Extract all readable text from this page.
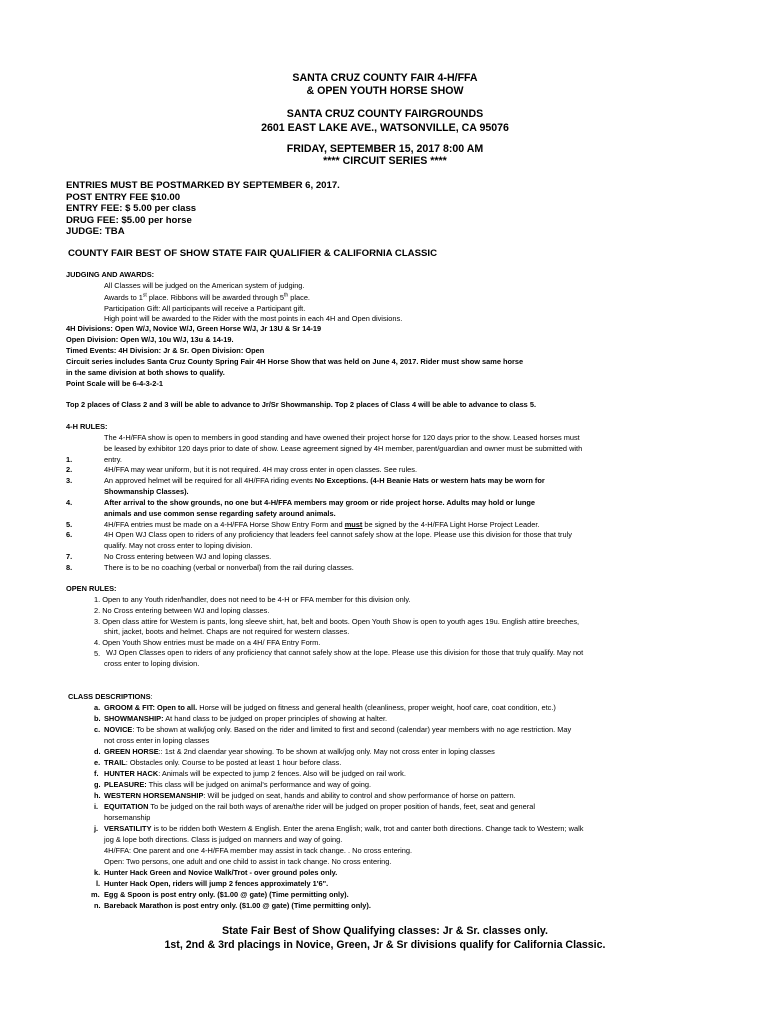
SANTA CRUZ COUNTY FAIR 4-H/FFA
& OPEN YOUTH HORSE SHOW
SANTA CRUZ COUNTY FAIRGROUNDS
2601 EAST LAKE AVE., WATSONVILLE, CA 95076
FRIDAY, SEPTEMBER 15, 2017 8:00 AM
**** CIRCUIT SERIES ****
ENTRIES MUST BE POSTMARKED BY SEPTEMBER 6, 2017.
POST ENTRY FEE $10.00
ENTRY FEE: $ 5.00 per class
DRUG FEE: $5.00 per horse
JUDGE: TBA
COUNTY FAIR BEST OF SHOW STATE FAIR QUALIFIER & CALIFORNIA CLASSIC
JUDGING AND AWARDS:
All Classes will be judged on the American system of judging.
Awards to 1st place. Ribbons will be awarded through 5th place.
Participation Gift: All participants will receive a Participant gift.
High point will be awarded to the Rider with the most points in each 4H and Open divisions.
4H Divisions: Open W/J, Novice W/J, Green Horse W/J, Jr 13U & Sr 14-19
Open Division: Open W/J, 10u W/J, 13u & 14-19.
Timed Events: 4H Division: Jr & Sr. Open Division: Open
Circuit series includes Santa Cruz County Spring Fair 4H Horse Show that was held on June 4, 2017. Rider must show same horse
in the same division at both shows to qualify.
Point Scale will be 6-4-3-2-1
Top 2 places of Class 2 and 3 will be able to advance to Jr/Sr Showmanship. Top 2 places of Class 4 will be able to advance to class 5.
4-H RULES:
The 4-H/FFA show is open to members in good standing and have owened their project horse for 120 days prior to the show. Leased horses must
be leased by exhibitor 120 days prior to date of show. Lease agreement signed by 4H member, parent/guardian and owner must be submitted with
1.	entry.
2.	4H/FFA may wear uniform, but it is not required. 4H may cross enter in open classes. See rules.
3.	An approved helmet will be required for all 4H/FFA riding events No Exceptions. (4-H Beanie Hats or western hats may be worn for
Showmanship Classes).
4.	After arrival to the show grounds, no one but 4-H/FFA members may groom or ride project horse. Adults may hold or lunge
animals and use common sense regarding safety around animals.
5.	4H/FFA entries must be made on a 4-H/FFA Horse Show Entry Form and must be signed by the 4-H/FFA Light Horse Project Leader.
6.	4H Open WJ Class open to riders of any proficiency that leaders feel cannot safely show at the lope. Please use this division for those that truly
qualify. May not cross enter to loping division.
7.	No Cross entering between WJ and loping classes.
8.	There is to be no coaching (verbal or nonverbal) from the rail during classes.
OPEN RULES:
1. Open to any Youth rider/handler, does not need to be 4-H or FFA member for this division only.
2. No Cross entering between WJ and loping classes.
3. Open class attire for Western is pants, long sleeve shirt, hat, belt and boots. Open Youth Show is open to youth ages 19u. English attire breeches,
shirt, jacket, boots and helmet. Chaps are not required for western classes.
4. Open Youth Show entries must be made on a 4H/ FFA Entry Form.
5. WJ Open Classes open to riders of any proficiency that cannot safely show at the lope. Please use this division for those that truly qualify. May not
cross enter to loping division.
CLASS DESCRIPTIONS:
a. GROOM & FIT: Open to all. Horse will be judged on fitness and general health (cleanliness, proper weight, hoof care, coat condition, etc.)
b. SHOWMANSHIP: At hand class to be judged on proper principles of showing at halter.
c. NOVICE: To be shown at walk/jog only. Based on the rider and limited to first and second (calendar) year members with no age restriction. May
not cross enter in loping classes
d. GREEN HORSE:: 1st & 2nd claendar year showing. To be shown at walk/jog only. May not cross enter in loping classes
e. TRAIL: Obstacles only. Course to be posted at least 1 hour before class.
f. HUNTER HACK: Animals will be expected to jump 2 fences. Also will be judged on rail work.
g. PLEASURE: This class will be judged on animal's performance and way of going.
h. WESTERN HORSEMANSHIP: Will be judged on seat, hands and ability to control and show performance of horse on pattern.
i. EQUITATION To be judged on the rail both ways of arena/the rider will be judged on proper position of hands, feet, seat and general
horsemanship
j. VERSATILITY is to be ridden both Western & English. Enter the arena English; walk, trot and canter both directions. Change tack to Western; walk
jog & lope both directions. Class is judged on manners and way of going.
4H/FFA: One parent and one 4-H/FFA member may assist in tack change. . No cross entering.
Open: Two persons, one adult and one child to assist in tack change. No cross entering.
k. Hunter Hack Green and Novice Walk/Trot - over ground poles only.
l. Hunter Hack Open, riders will jump 2 fences approximately 1'6".
m. Egg & Spoon is post entry only. ($1.00 @ gate) (Time permitting only).
n. Bareback Marathon is post entry only. ($1.00 @ gate) (Time permitting only).
State Fair Best of Show Qualifying classes: Jr & Sr. classes only.
1st, 2nd & 3rd placings in Novice, Green, Jr & Sr divisions qualify for California Classic.
